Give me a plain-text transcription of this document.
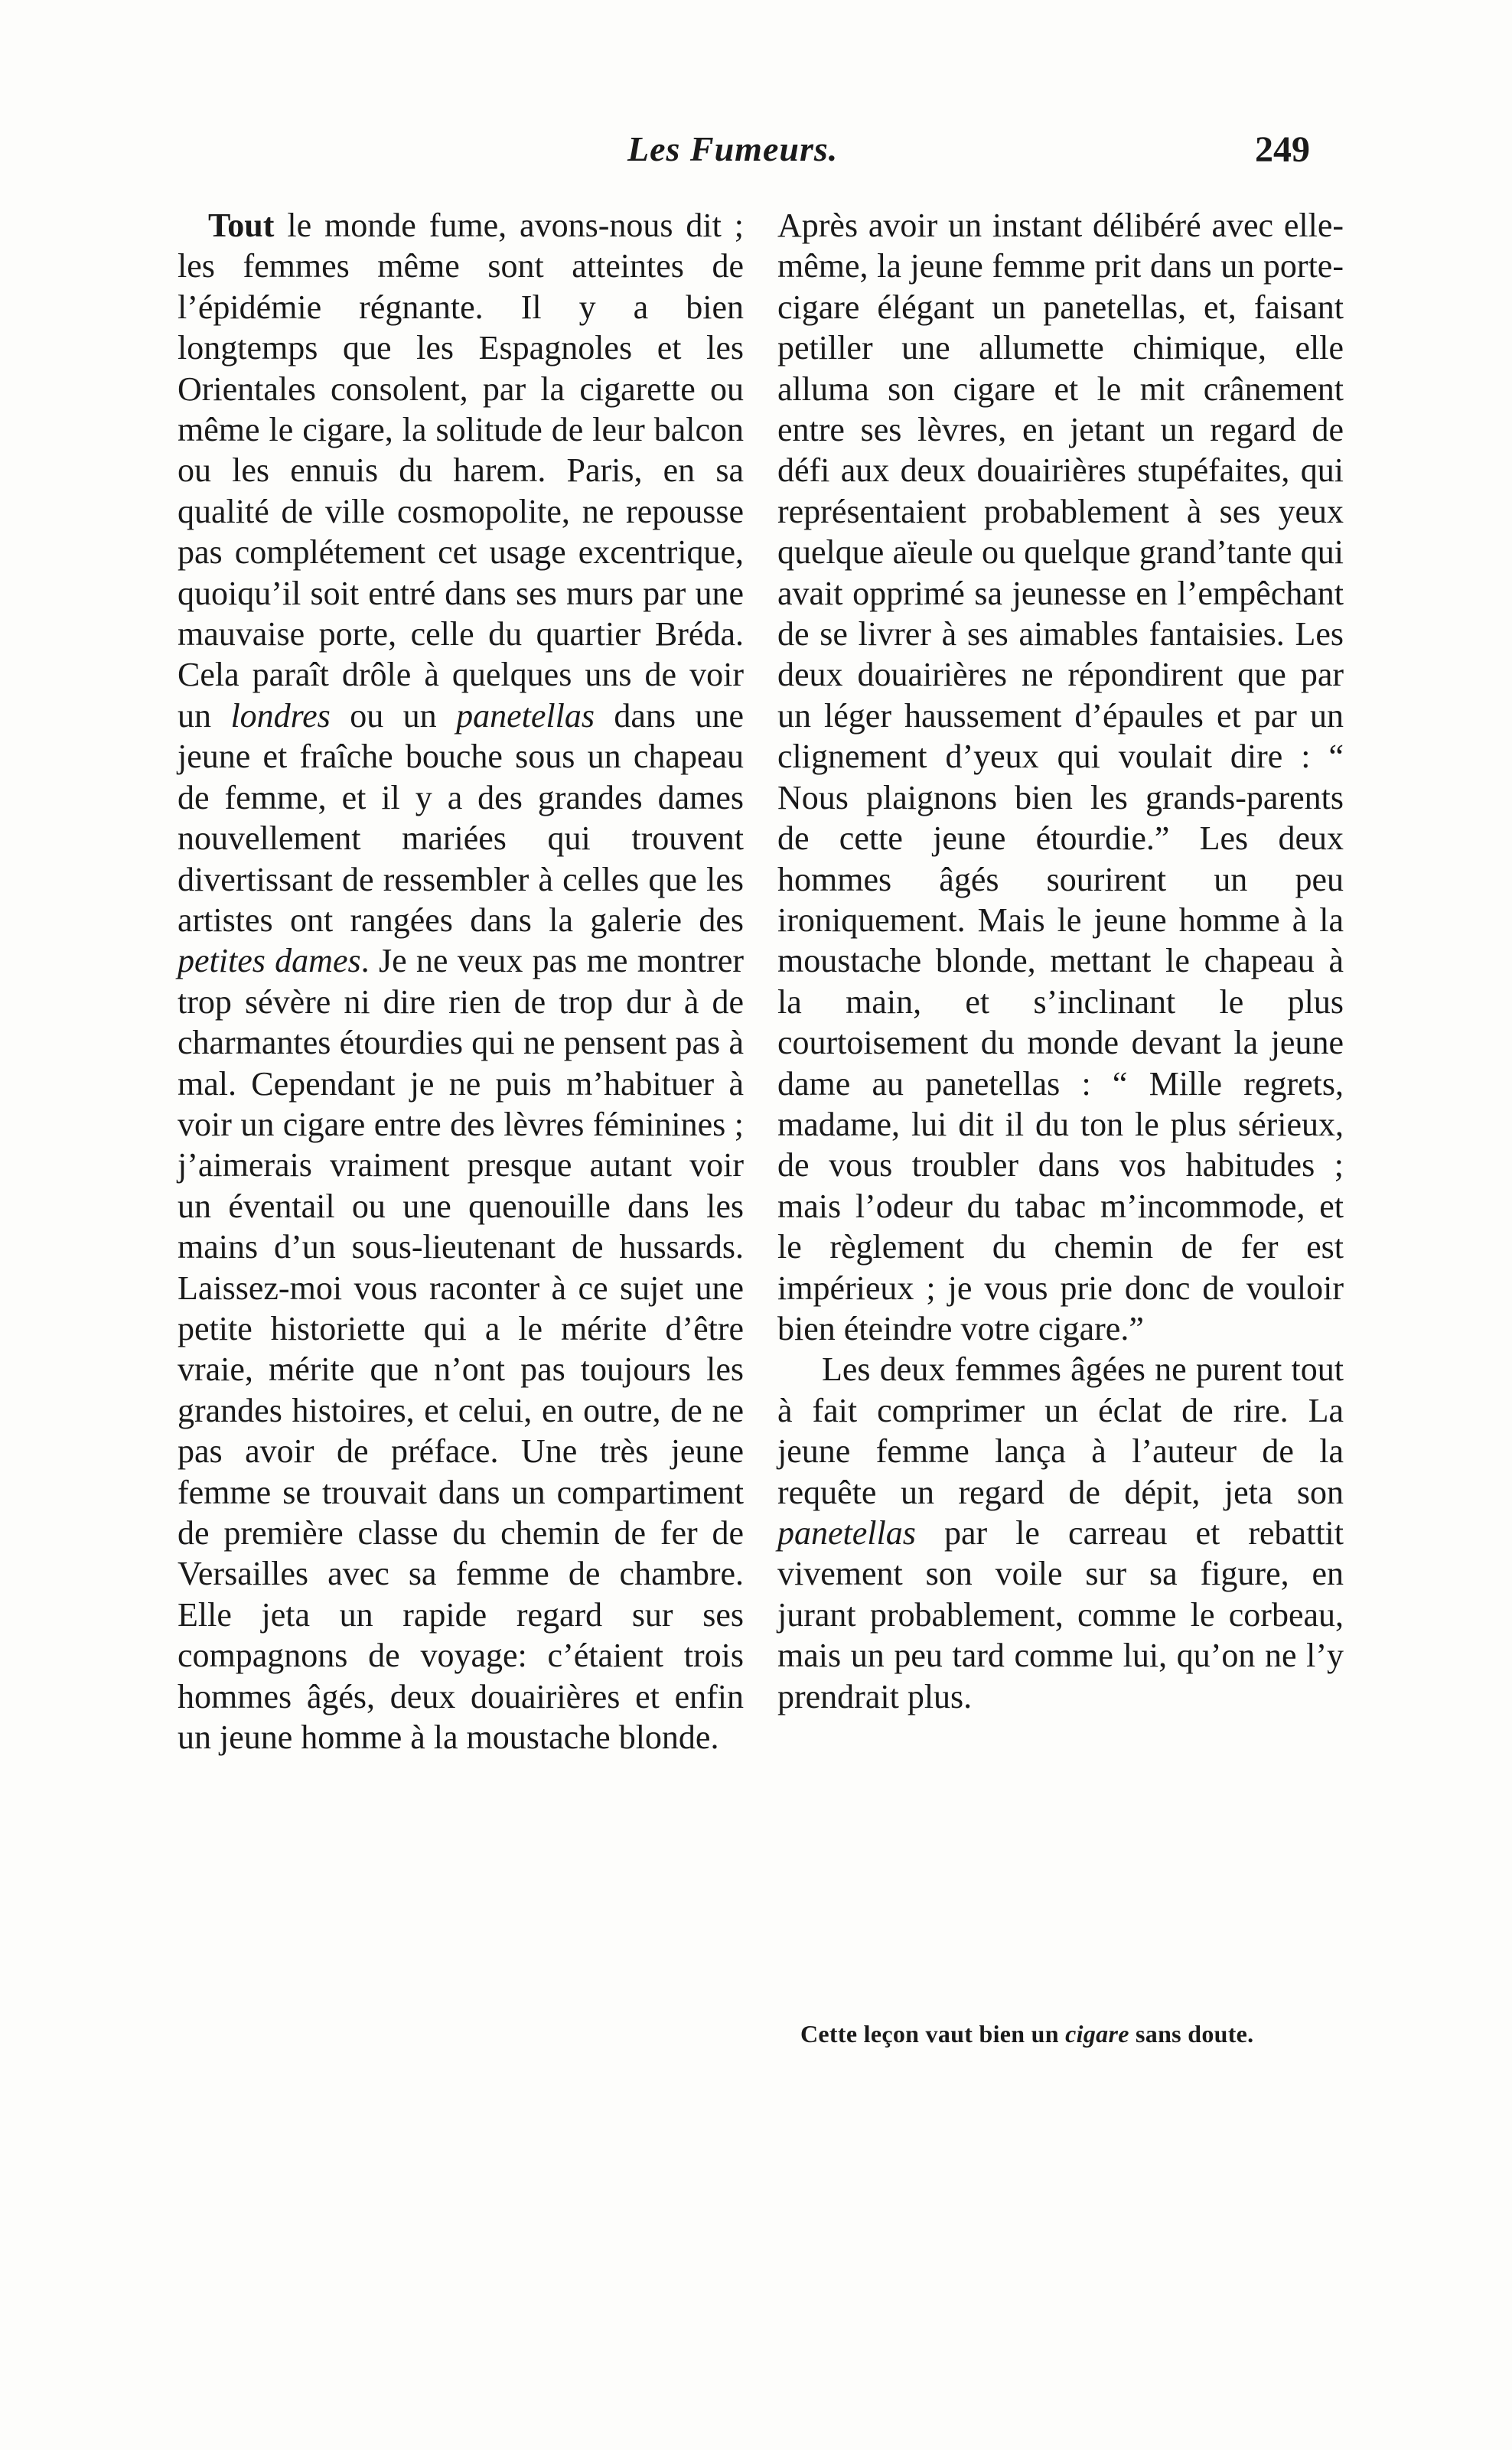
Les Fumeurs.	249

Tout le monde fume, avons-nous dit ; les femmes même sont atteintes de l’épidémie régnante. Il y a bien longtemps que les Espagnoles et les Orientales consolent, par la cigarette ou même le cigare, la solitude de leur balcon ou les ennuis du harem. Paris, en sa qualité de ville cosmopolite, ne repousse pas complétement cet usage excentrique, quoiqu’il soit entré dans ses murs par une mauvaise porte, celle du quartier Bréda. Cela paraît drôle à quelques uns de voir un londres ou un panetellas dans une jeune et fraîche bouche sous un chapeau de femme, et il y a des grandes dames nouvellement mariées qui trouvent divertissant de ressembler à celles que les artistes ont rangées dans la galerie des petites dames. Je ne veux pas me montrer trop sévère ni dire rien de trop dur à de charmantes étourdies qui ne pensent pas à mal. Cependant je ne puis m’habituer à voir un cigare entre des lèvres féminines ; j’aimerais vraiment presque autant voir un éventail ou une quenouille dans les mains d’un sous-lieutenant de hussards. Laissez-moi vous raconter à ce sujet une petite historiette qui a le mérite d’être vraie, mérite que n’ont pas toujours les grandes histoires, et celui, en outre, de ne pas avoir de préface. Une très jeune femme se trouvait dans un compartiment de première classe du chemin de fer de Versailles avec sa femme de chambre. Elle jeta un rapide regard sur ses compagnons de voyage: c’étaient trois hommes âgés, deux douairières et enfin un jeune homme à la moustache blonde.

Après avoir un instant délibéré avec elle-même, la jeune femme prit dans un porte-cigare élégant un panetellas, et, faisant petiller une allumette chimique, elle alluma son cigare et le mit crânement entre ses lèvres, en jetant un regard de défi aux deux douairières stupéfaites, qui représentaient probablement à ses yeux quelque aïeule ou quelque grand’tante qui avait opprimé sa jeunesse en l’empêchant de se livrer à ses aimables fantaisies. Les deux douairières ne répondirent que par un léger haussement d’épaules et par un clignement d’yeux qui voulait dire : “ Nous plaignons bien les grands-parents de cette jeune étourdie.” Les deux hommes âgés sourirent un peu ironiquement. Mais le jeune homme à la moustache blonde, mettant le chapeau à la main, et s’inclinant le plus courtoisement du monde devant la jeune dame au panetellas : “ Mille regrets, madame, lui dit il du ton le plus sérieux, de vous troubler dans vos habitudes ; mais l’odeur du tabac m’incommode, et le règlement du chemin de fer est impérieux ; je vous prie donc de vouloir bien éteindre votre cigare.”

Les deux femmes âgées ne purent tout à fait comprimer un éclat de rire. La jeune femme lança à l’auteur de la requête un regard de dépit, jeta son panetellas par le carreau et rebattit vivement son voile sur sa figure, en jurant probablement, comme le corbeau, mais un peu tard comme lui, qu’on ne l’y prendrait plus.

Cette leçon vaut bien un cigare sans doute.
